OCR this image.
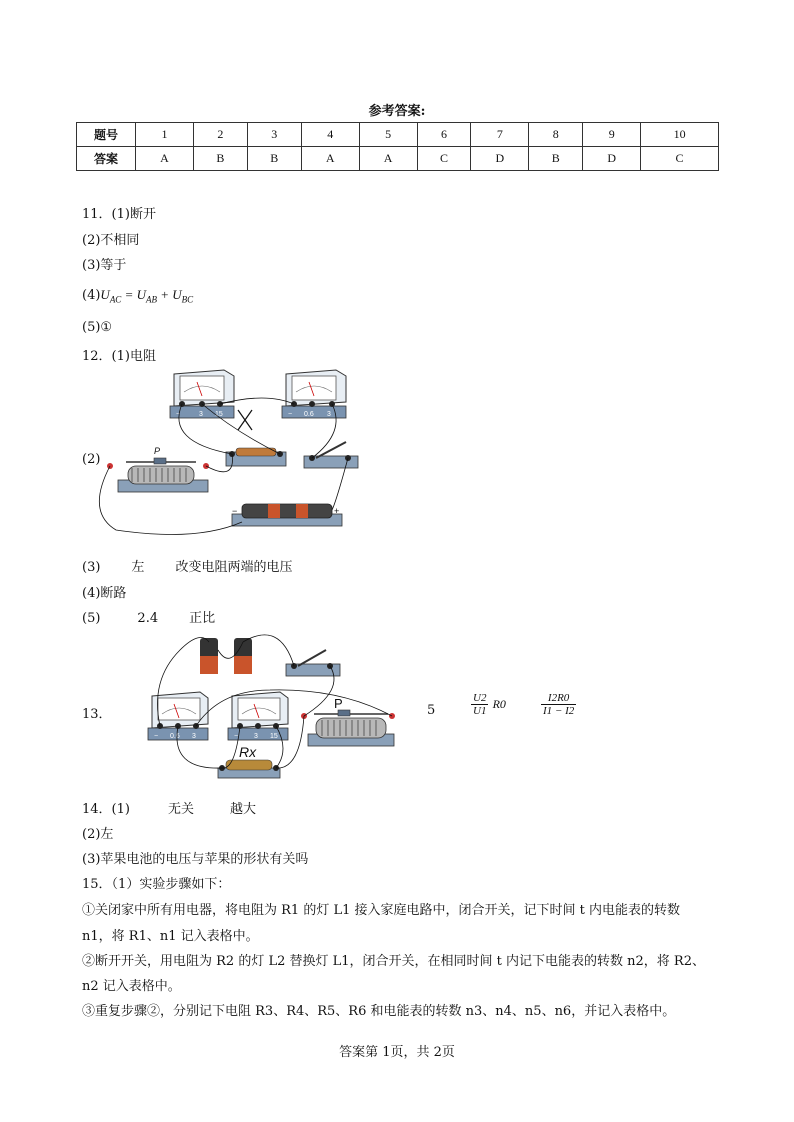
参考答案:
题号	1	2	3	4	5	6	7	8	9	10
答案	A	B	B	A	A	C	D	B	D	C
11．(1)断开
(2)不相同
(3)等于
$(4)U_{AC} = U_{AB} + U_{BC}$
(5)①
12．(1)电阻
(2)
−	3 15	− 0.6 3
P
−	+
(3) 左 改变电阻两端的电压
(4)断路
(5)	2.4 正比
13．
− 0.6 3	− 3 15
P
Rx
5	$\frac{U2}{U1} R0$	$\frac{I2R0}{I1 - I2}$
14．(1)	无关	越大
(2)左
(3)苹果电池的电压与苹果的形状有关吗
15．（1）实验步骤如下：
①关闭家中所有用电器，将电阻为 R1 的灯 L1 接入家庭电路中，闭合开关，记下时间 t 内电能表的转数
n1，将 R1、n1 记入表格中。
②断开开关，用电阻为 R2 的灯 L2 替换灯 L1，闭合开关，在相同时间 t 内记下电能表的转数 n2，将 R2、
n2 记入表格中。
③重复步骤②，分别记下电阻 R3、R4、R5、R6 和电能表的转数 n3、n4、n5、n6，并记入表格中。
答案第 1页，共 2页
